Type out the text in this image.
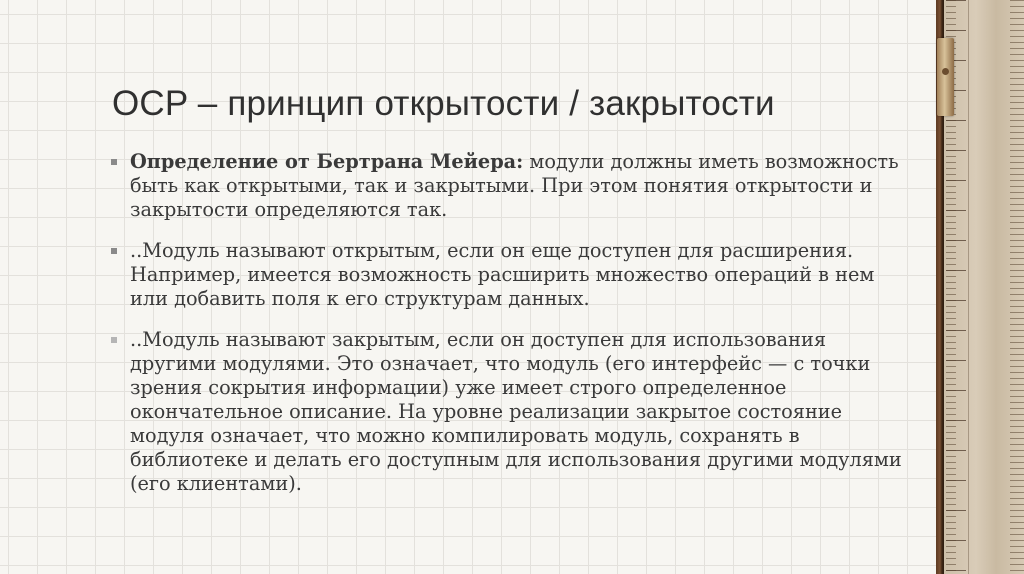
OCP – принцип открытости / закрытости
Определение от Бертрана Мейера: модули должны иметь возможность быть как открытыми, так и закрытыми. При этом понятия открытости и закрытости определяются так.
..Модуль называют открытым, если он еще доступен для расширения. Например, имеется возможность расширить множество операций в нем или добавить поля к его структурам данных.
..Модуль называют закрытым, если он доступен для использования другими модулями. Это означает, что модуль (его интерфейс — с точки зрения сокрытия информации) уже имеет строго определенное окончательное описание. На уровне реализации закрытое состояние модуля означает, что можно компилировать модуль, сохранять в библиотеке и делать его доступным для использования другими модулями (его клиентами).
